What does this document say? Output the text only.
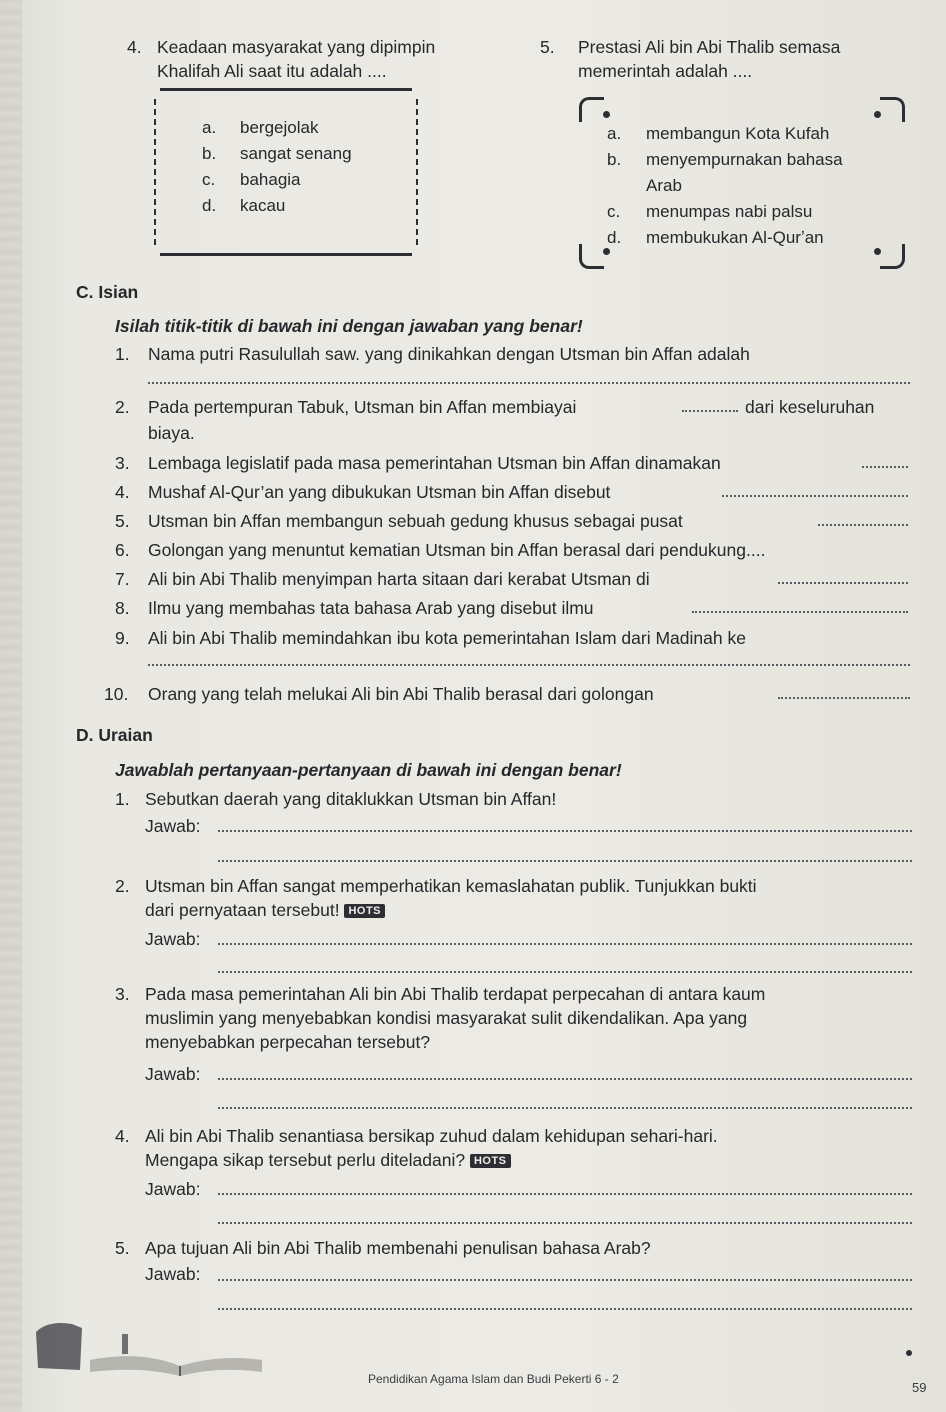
4. Keadaan masyarakat yang dipimpin
Khalifah Ali saat itu adalah ....
a. bergejolak
b. sangat senang
c. bahagia
d. kacau
5. Prestasi Ali bin Abi Thalib semasa
memerintah adalah ....
a. membangun Kota Kufah
b. menyempurnakan bahasa
Arab
c. menumpas nabi palsu
d. membukukan Al-Qurʼan
C. Isian
Isilah titik-titik di bawah ini dengan jawaban yang benar!
1. Nama putri Rasulullah saw. yang dinikahkan dengan Utsman bin Affan adalah
2. Pada pertempuran Tabuk, Utsman bin Affan membiayai	dari keseluruhan
biaya.
3. Lembaga legislatif pada masa pemerintahan Utsman bin Affan dinamakan
4. Mushaf Al-Qur’an yang dibukukan Utsman bin Affan disebut
5. Utsman bin Affan membangun sebuah gedung khusus sebagai pusat
6. Golongan yang menuntut kematian Utsman bin Affan berasal dari pendukung....
7. Ali bin Abi Thalib menyimpan harta sitaan dari kerabat Utsman di
8. Ilmu yang membahas tata bahasa Arab yang disebut ilmu
9. Ali bin Abi Thalib memindahkan ibu kota pemerintahan Islam dari Madinah ke
10. Orang yang telah melukai Ali bin Abi Thalib berasal dari golongan
D. Uraian
Jawablah pertanyaan-pertanyaan di bawah ini dengan benar!
1. Sebutkan daerah yang ditaklukkan Utsman bin Affan!
Jawab:
2. Utsman bin Affan sangat memperhatikan kemaslahatan publik. Tunjukkan bukti
dari pernyataan tersebut! HOTS
Jawab:
3. Pada masa pemerintahan Ali bin Abi Thalib terdapat perpecahan di antara kaum
muslimin yang menyebabkan kondisi masyarakat sulit dikendalikan. Apa yang
menyebabkan perpecahan tersebut?
Jawab:
4. Ali bin Abi Thalib senantiasa bersikap zuhud dalam kehidupan sehari-hari.
Mengapa sikap tersebut perlu diteladani? HOTS
Jawab:
5. Apa tujuan Ali bin Abi Thalib membenahi penulisan bahasa Arab?
Jawab:
Pendidikan Agama Islam dan Budi Pekerti 6 - 2
59
